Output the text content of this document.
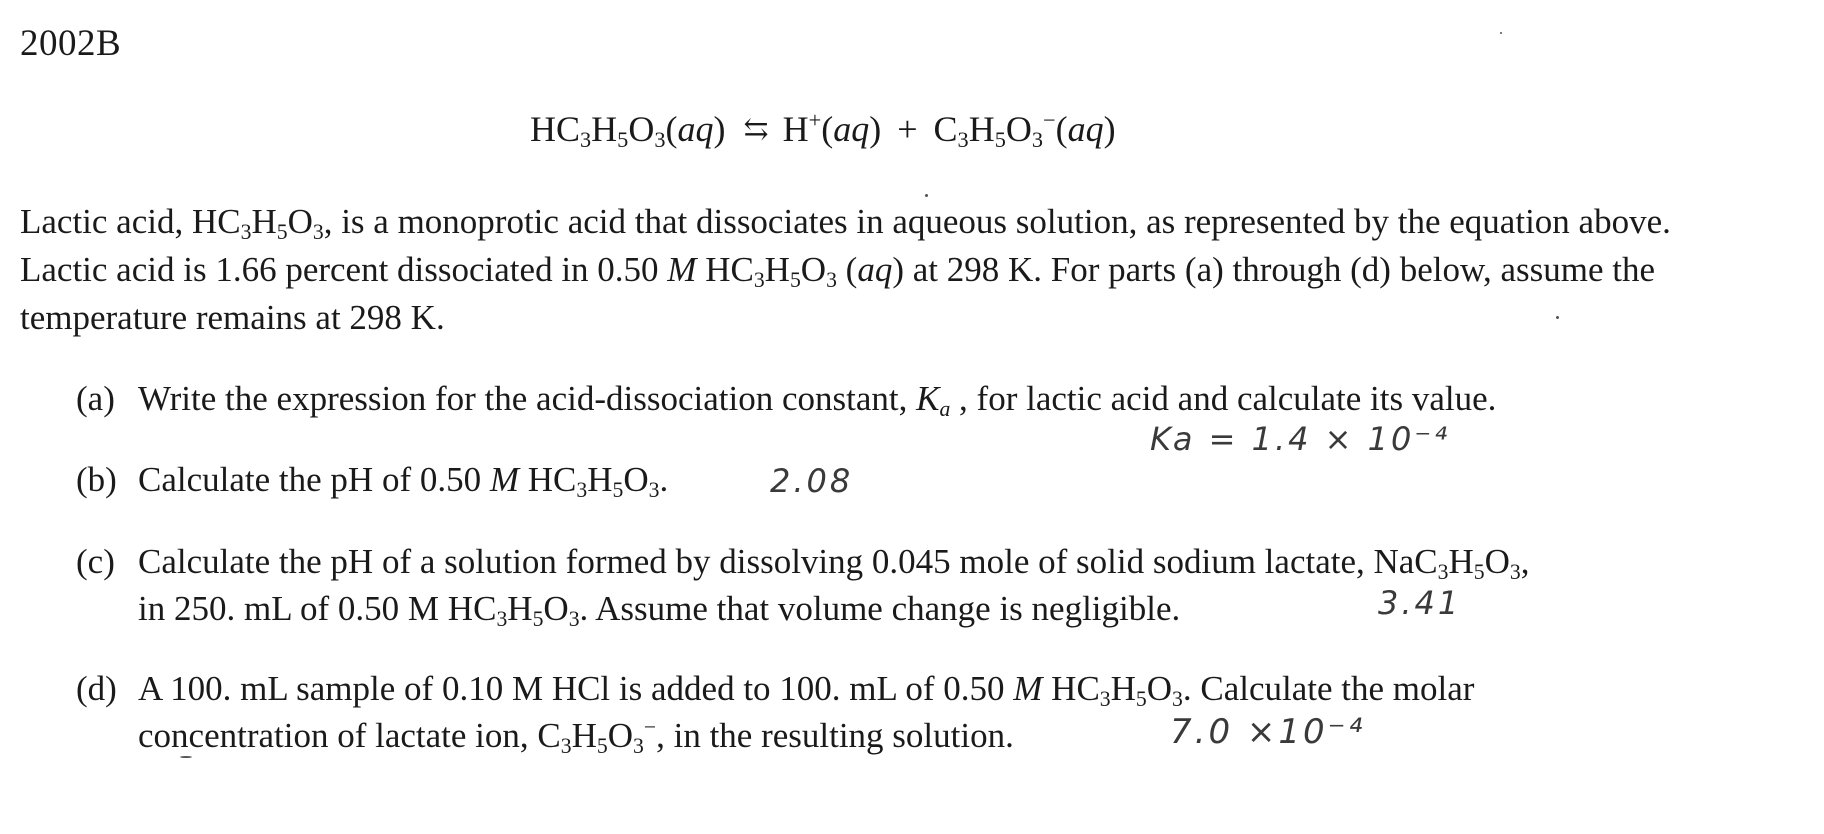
2002B
$HC_3H_5O_3(aq)$ ⇆ $H^+(aq) + C_3H_5O_3^-(aq)$
Lactic acid, $HC_3H_5O_3$, is a monoprotic acid that dissociates in aqueous solution, as represented by the equation above. Lactic acid is 1.66 percent dissociated in 0.50 M $HC_3H_5O_3$ (aq) at 298 K. For parts (a) through (d) below, assume the temperature remains at 298 K.
(a) Write the expression for the acid-dissociation constant, $K_a$ , for lactic acid and calculate its value.
(b) Calculate the pH of 0.50 M $HC_3H_5O_3$.
(c) Calculate the pH of a solution formed by dissolving 0.045 mole of solid sodium lactate, $NaC_3H_5O_3$,
in 250. mL of 0.50 M $HC_3H_5O_3$. Assume that volume change is negligible.
(d) A 100. mL sample of 0.10 M HCl is added to 100. mL of 0.50 M $HC_3H_5O_3$. Calculate the molar
concentration of lactate ion, $C_3H_5O_3^-$, in the resulting solution.
Ka = 1.4 × 10⁻⁴
2.08
3.41
7.0 ×10⁻⁴
